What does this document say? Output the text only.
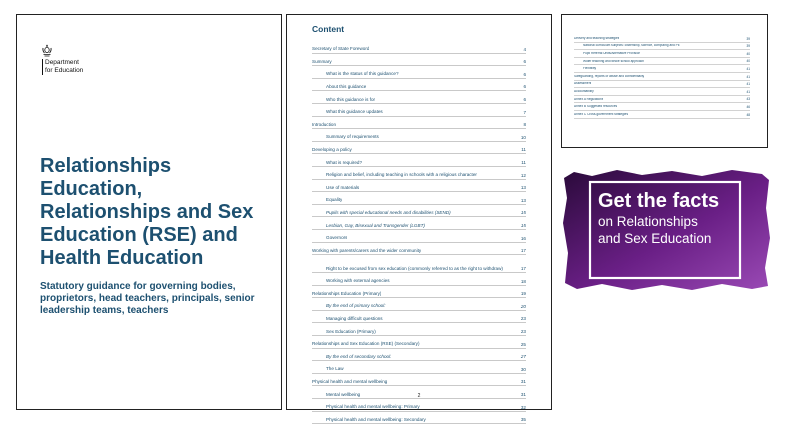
Department
for Education
Relationships Education, Relationships and Sex Education (RSE) and Health Education

Statutory guidance for governing bodies, proprietors, head teachers, principals, senior leadership teams, teachers

Content
Secretary of State Foreword	4
Summary	6
What is the status of this guidance?	6
About this guidance	6
Who this guidance is for	6
What this guidance updates	7
Introduction	8
Summary of requirements	10
Developing a policy	11
What is required?	11
Religion and belief, including teaching in schools with a religious character	12
Use of materials	13
Equality	13
Pupils with special educational needs and disabilities (SEND)	15
Lesbian, Gay, Bisexual and Transgender (LGBT)	15
Governors	16
Working with parents/carers and the wider community	17
Right to be excused from sex education (commonly referred to as the right to withdraw)	17
Working with external agencies	18
Relationships Education (Primary)	19
By the end of primary school:	20
Managing difficult questions	23
Sex Education (Primary)	23
Relationships and Sex Education (RSE) (Secondary)	25
By the end of secondary school:	27
The Law	30
Physical health and mental wellbeing	31
Mental wellbeing	31
Physical health and mental wellbeing: Primary	32
Physical health and mental wellbeing: Secondary	35
2
Delivery and teaching strategies	39
National curriculum subjects: citizenship, science, computing and PE	39
Pupil Referral Units/Alternative Provision	40
Wider teaching and whole school approach	40
Flexibility	41
Safeguarding, reports of abuse and confidentiality	41
Assessment	41
Accountability	41
Annex A Regulations	43
Annex B Suggested resources	46
Annex C Cross-government strategies	48
Get the facts
on Relationships
and Sex Education
